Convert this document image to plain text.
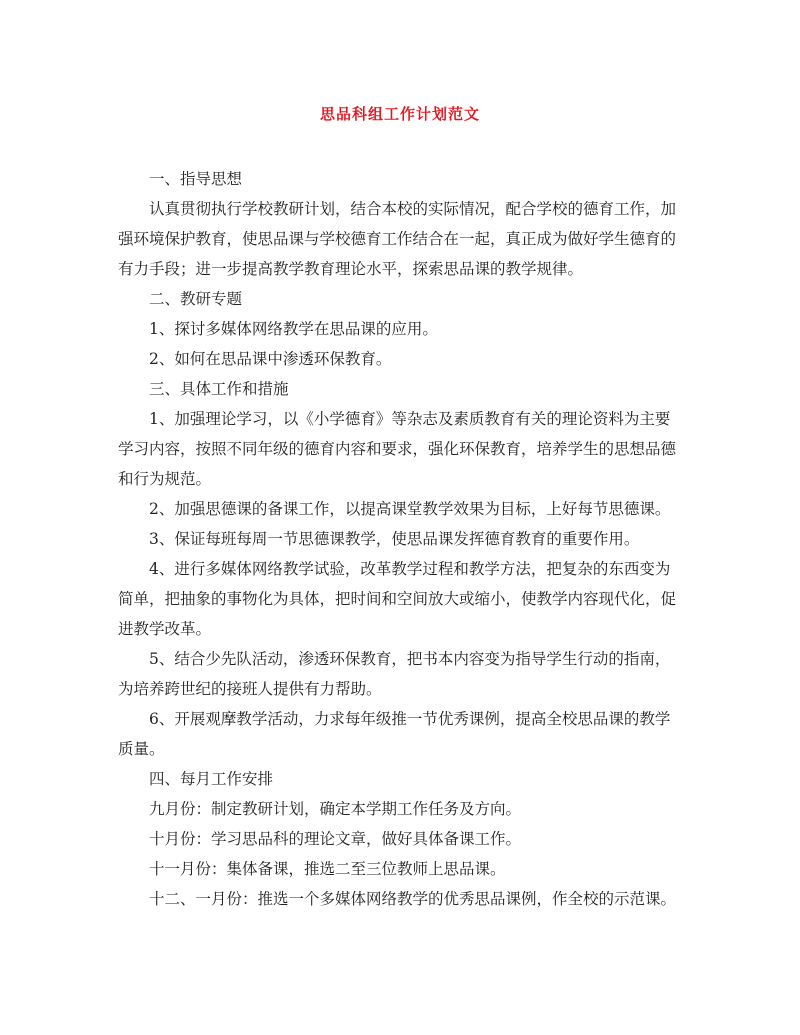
思品科组工作计划范文

一、指导思想

认真贯彻执行学校教研计划，结合本校的实际情况，配合学校的德育工作，加强环境保护教育，使思品课与学校德育工作结合在一起，真正成为做好学生德育的有力手段；进一步提高教学教育理论水平，探索思品课的教学规律。

二、教研专题

1、探讨多媒体网络教学在思品课的应用。

2、如何在思品课中渗透环保教育。

三、具体工作和措施

1、加强理论学习，以《小学德育》等杂志及素质教育有关的理论资料为主要学习内容，按照不同年级的德育内容和要求，强化环保教育，培养学生的思想品德和行为规范。

2、加强思德课的备课工作，以提高课堂教学效果为目标，上好每节思德课。

3、保证每班每周一节思德课教学，使思品课发挥德育教育的重要作用。

4、进行多媒体网络教学试验，改革教学过程和教学方法，把复杂的东西变为简单，把抽象的事物化为具体，把时间和空间放大或缩小，使教学内容现代化，促进教学改革。

5、结合少先队活动，渗透环保教育，把书本内容变为指导学生行动的指南，为培养跨世纪的接班人提供有力帮助。

6、开展观摩教学活动，力求每年级推一节优秀课例，提高全校思品课的教学质量。

四、每月工作安排

九月份：制定教研计划，确定本学期工作任务及方向。

十月份：学习思品科的理论文章，做好具体备课工作。

十一月份：集体备课，推选二至三位教师上思品课。

十二、一月份：推选一个多媒体网络教学的优秀思品课例，作全校的示范课。
